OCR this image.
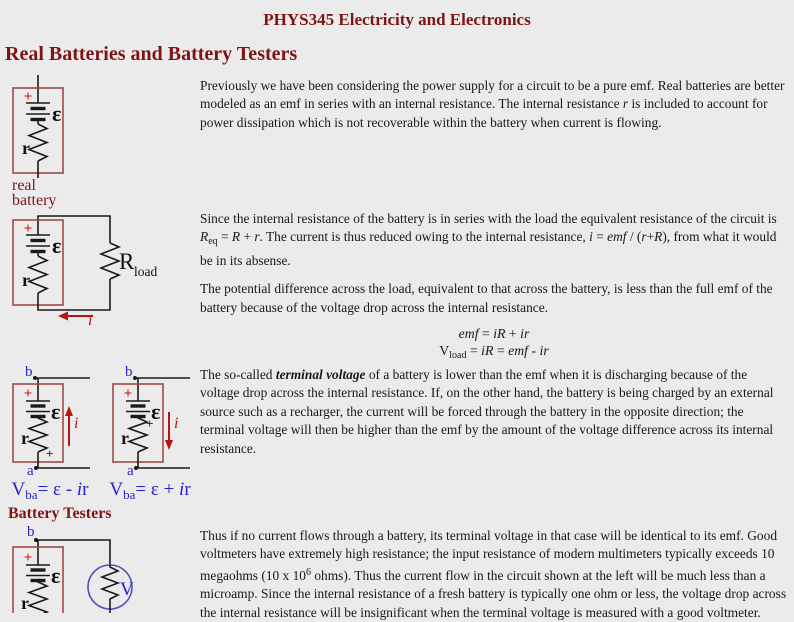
PHYS345 Electricity and Electronics
Real Batteries and Battery Testers
+
ε
r
real
battery

Previously we have been considering the power supply for a circuit to be a pure emf. Real batteries are better modeled as an emf in series with an internal resistance. The internal resistance r is included to account for power dissipation which is not recoverable within the battery when current is flowing.

+
ε
r
R load
i

Since the internal resistance of the battery is in series with the load the equivalent resistance of the circuit is $R_{eq} = R + r$. The current is thus reduced owing to the internal resistance, i = emf / (r+R), from what it would be in its absense.

The potential difference across the load, equivalent to that across the battery, is less than the full emf of the battery because of the voltage drop across the internal resistance.

emf = iR + ir
$V_{load}$ = iR = emf - ir
b
+
ε
r
+
i
a
$V_{ba}= \varepsilon$ - ir
b
+
ε
r
+ i
a
$V_{ba}= \varepsilon$ + ir

The so-called terminal voltage of a battery is lower than the emf when it is discharging because of the voltage drop across the internal resistance. If, on the other hand, the battery is being charged by an external source such as a recharger, the current will be forced through the battery in the opposite direction; the terminal voltage will then be higher than the emf by the amount of the voltage difference across its internal resistance.

Battery Testers
b
+
ε
r
V

Thus if no current flows through a battery, its terminal voltage in that case will be identical to its emf. Good voltmeters have extremely high resistance; the input resistance of modern multimeters typically exceeds 10 megaohms (10 x $10^6$ ohms). Thus the current flow in the circuit shown at the left will be much less than a microamp. Since the internal resistance of a fresh battery is typically one ohm or less, the voltage drop across the internal resistance will be insignificant when the terminal voltage is measured with a good voltmeter.
